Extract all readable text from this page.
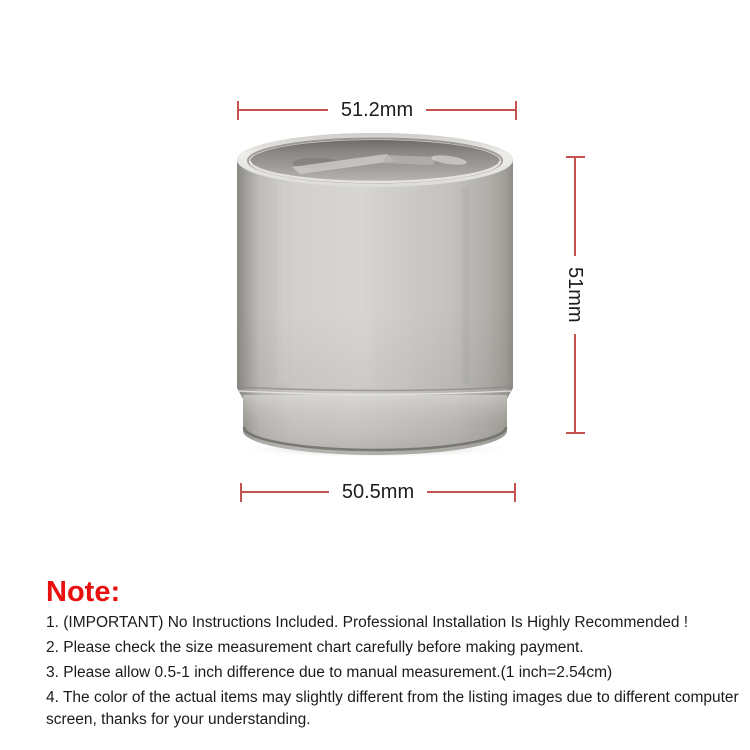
51.2mm
51mm
50.5mm
Note:

1. (IMPORTANT) No Instructions Included. Professional Installation Is Highly Recommended !

2. Please check the size measurement chart carefully before making payment.

3. Please allow 0.5-1 inch difference due to manual measurement.(1 inch=2.54cm)

4. The color of the actual items may slightly different from the listing images due to different computer screen, thanks for your understanding.
